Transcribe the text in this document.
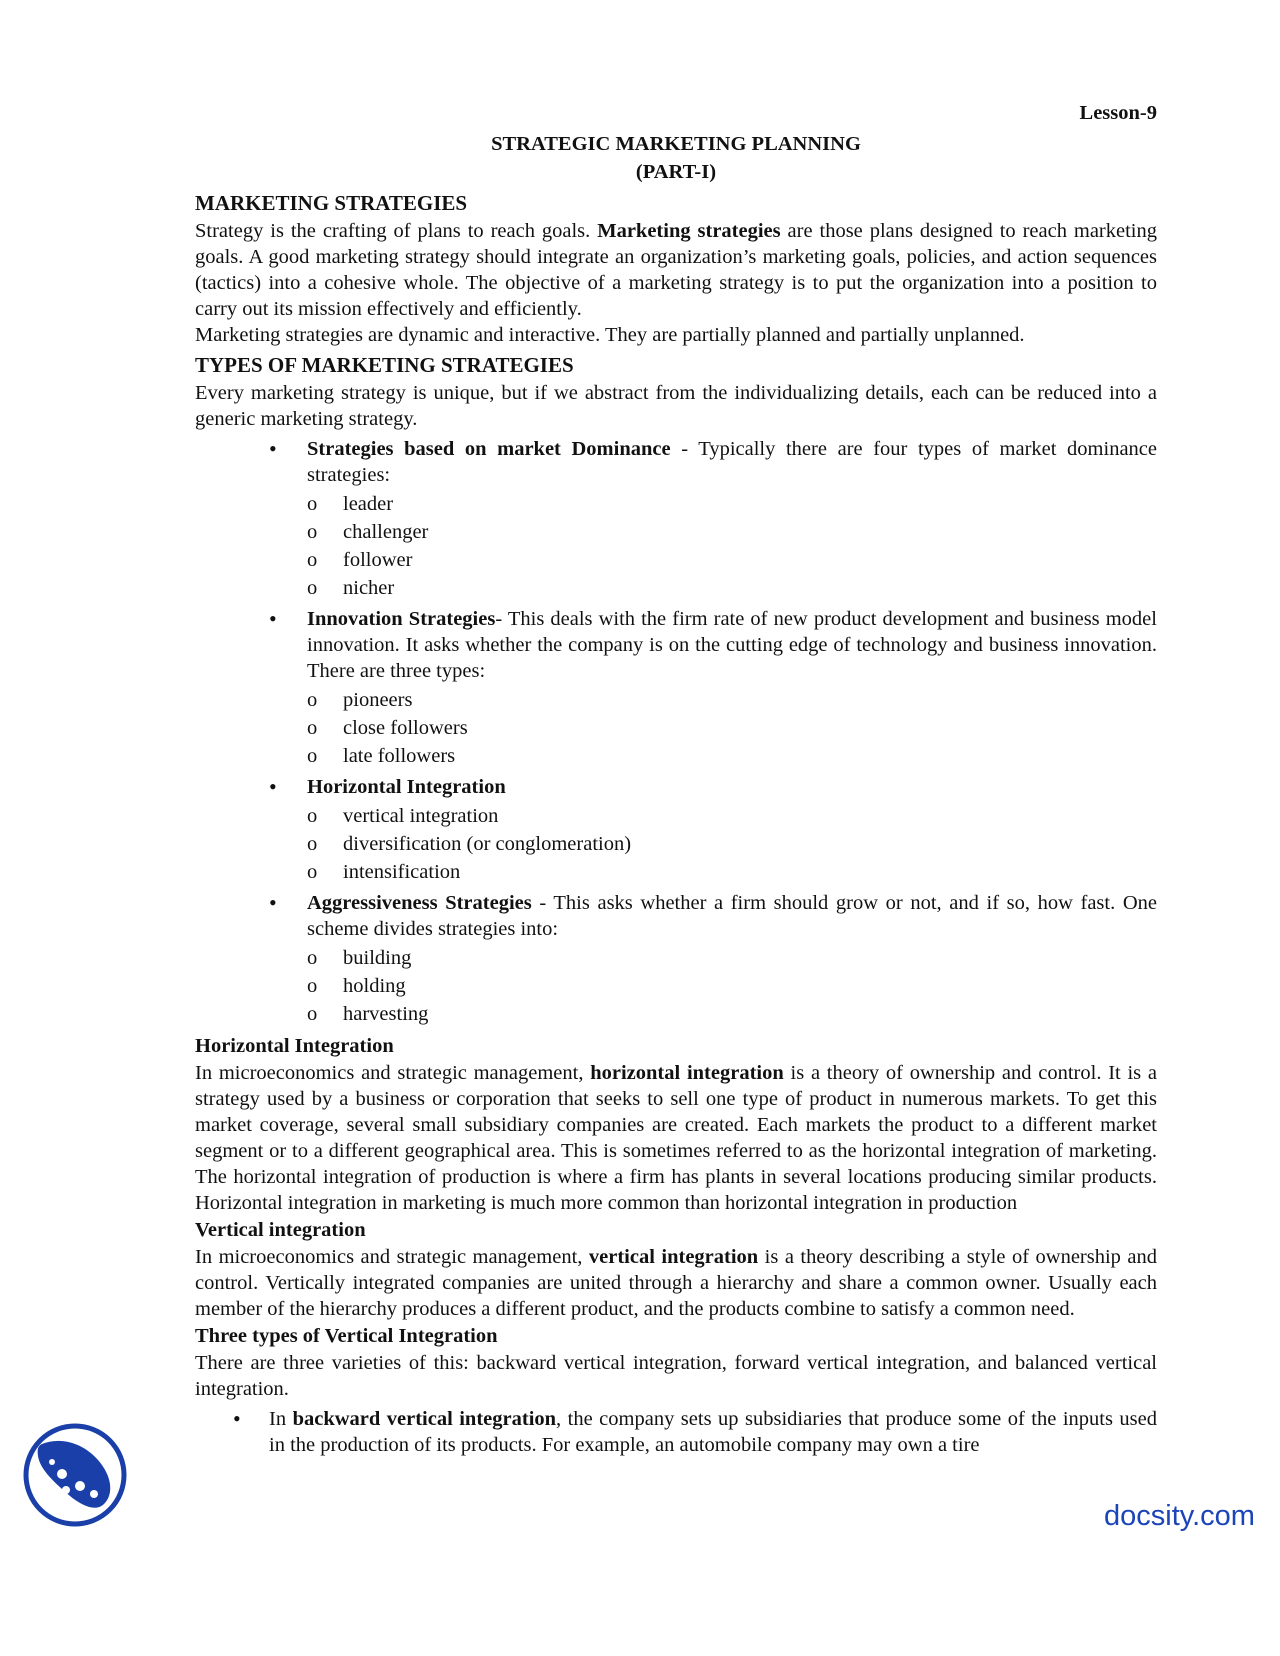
Lesson-9
STRATEGIC MARKETING PLANNING
(PART-I)
MARKETING STRATEGIES

Strategy is the crafting of plans to reach goals. Marketing strategies are those plans designed to reach marketing goals. A good marketing strategy should integrate an organization’s marketing goals, policies, and action sequences (tactics) into a cohesive whole. The objective of a marketing strategy is to put the organization into a position to carry out its mission effectively and efficiently.

Marketing strategies are dynamic and interactive. They are partially planned and partially unplanned.

TYPES OF MARKETING STRATEGIES

Every marketing strategy is unique, but if we abstract from the individualizing details, each can be reduced into a generic marketing strategy.

• Strategies based on market Dominance - Typically there are four types of market dominance strategies:
o leader
o challenger
o follower
o nicher
• Innovation Strategies- This deals with the firm rate of new product development and business model innovation. It asks whether the company is on the cutting edge of technology and business innovation. There are three types:
o pioneers
o close followers
o late followers
• Horizontal Integration
o vertical integration
o diversification (or conglomeration)
o intensification
• Aggressiveness Strategies - This asks whether a firm should grow or not, and if so, how fast. One scheme divides strategies into:
o building
o holding
o harvesting
Horizontal Integration

In microeconomics and strategic management, horizontal integration is a theory of ownership and control. It is a strategy used by a business or corporation that seeks to sell one type of product in numerous markets. To get this market coverage, several small subsidiary companies are created. Each markets the product to a different market segment or to a different geographical area. This is sometimes referred to as the horizontal integration of marketing. The horizontal integration of production is where a firm has plants in several locations producing similar products. Horizontal integration in marketing is much more common than horizontal integration in production

Vertical integration

In microeconomics and strategic management, vertical integration is a theory describing a style of ownership and control. Vertically integrated companies are united through a hierarchy and share a common owner. Usually each member of the hierarchy produces a different product, and the products combine to satisfy a common need.

Three types of Vertical Integration

There are three varieties of this: backward vertical integration, forward vertical integration, and balanced vertical integration.

• In backward vertical integration, the company sets up subsidiaries that produce some of the inputs used in the production of its products. For example, an automobile company may own a tire
docsity.com
